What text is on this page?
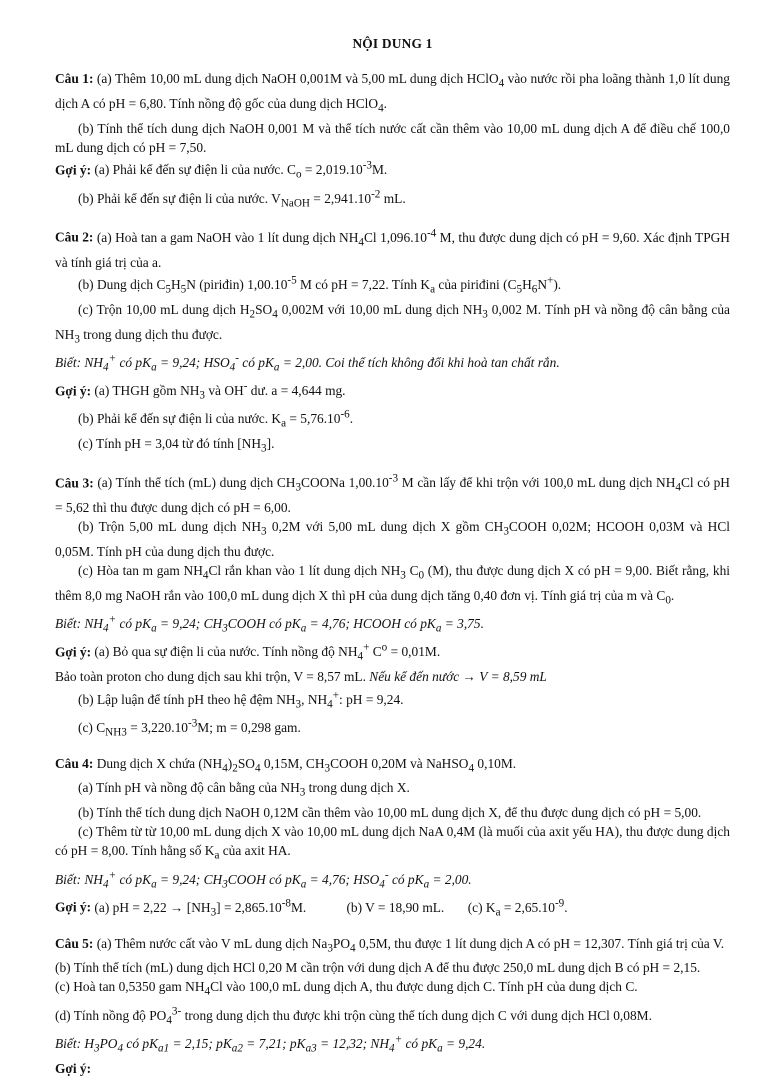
NỘI DUNG 1

Câu 1: (a) Thêm 10,00 mL dung dịch NaOH 0,001M và 5,00 mL dung dịch HClO$_4$ vào nước rồi pha loãng thành 1,0 lít dung dịch A có pH = 6,80. Tính nồng độ gốc của dung dịch HClO$_4$.

(b) Tính thể tích dung dịch NaOH 0,001 M và thể tích nước cất cần thêm vào 10,00 mL dung dịch A để điều chế 100,0 mL dung dịch có pH = 7,50.

Gợi ý: (a) Phải kể đến sự điện li của nước. $C_o = 2,019.10^{-3}M$.

(b) Phải kể đến sự điện li của nước. $V_{NaOH} = 2,941.10^{-2}$ mL.

Câu 2: (a) Hoà tan a gam NaOH vào 1 lít dung dịch $NH_4Cl$ $1,096.10^{-4}$ M, thu được dung dịch có pH = 9,60. Xác định TPGH và tính giá trị của a.

(b) Dung dịch $C_5H_5N$ (piriđin) $1,00.10^{-5}$ M có pH = 7,22. Tính $K_a$ của piriđini $(C_5H_6N^+)$.

(c) Trộn 10,00 mL dung dịch $H_2SO_4$ 0,002M với 10,00 mL dung dịch $NH_3$ 0,002 M. Tính pH và nồng độ cân bằng của $NH_3$ trong dung dịch thu được.

Biết: $NH_4^+$ có $pK_a = 9,24$; $HSO_4^-$ có $pK_a = 2,00$. Coi thể tích không đổi khi hoà tan chất rắn.

Gợi ý: (a) THGH gồm $NH_3$ và OH- dư. a = 4,644 mg.

(b) Phải kể đến sự điện li của nước. $K_a = 5,76.10^{-6}$.

(c) Tính pH = 3,04 từ đó tính $[NH_3]$.

Câu 3: (a) Tính thể tích (mL) dung dịch $CH_3COONa$ $1,00.10^{-3}$ M cần lấy để khi trộn với 100,0 mL dung dịch $NH_4Cl$ có pH = 5,62 thì thu được dung dịch có pH = 6,00.

(b) Trộn 5,00 mL dung dịch $NH_3$ 0,2M với 5,00 mL dung dịch X gồm $CH_3COOH$ 0,02M; HCOOH 0,03M và HCl 0,05M. Tính pH của dung dịch thu được.

(c) Hòa tan m gam $NH_4Cl$ rắn khan vào 1 lít dung dịch $NH_3$ $C_0$ (M), thu được dung dịch X có pH = 9,00. Biết rằng, khi thêm 8,0 mg NaOH rắn vào 100,0 mL dung dịch X thì pH của dung dịch tăng 0,40 đơn vị. Tính giá trị của m và $C_0$.

Biết: $NH_4^+$ có $pK_a = 9,24$; $CH_3COOH$ có $pK_a = 4,76$; HCOOH có $pK_a = 3,75$.

Gợi ý: (a) Bỏ qua sự điện li của nước. Tính nồng độ $NH_4^+$ $C^o = 0,01M$.

Bảo toàn proton cho dung dịch sau khi trộn, V = 8,57 mL. Nếu kể đến nước → V = 8,59 mL

(b) Lập luận để tính pH theo hệ đệm $NH_3$, $NH_4^+$: pH = 9,24.

(c) $C_{NH3} = 3,220.10^{-3}M$; m = 0,298 gam.

Câu 4: Dung dịch X chứa $(NH_4)_2SO_4$ 0,15M, $CH_3COOH$ 0,20M và NaHSO$_4$ 0,10M.

(a) Tính pH và nồng độ cân bằng của $NH_3$ trong dung dịch X.

(b) Tính thể tích dung dịch NaOH 0,12M cần thêm vào 10,00 mL dung dịch X, để thu được dung dịch có pH = 5,00.

(c) Thêm từ từ 10,00 mL dung dịch X vào 10,00 mL dung dịch NaA 0,4M (là muối của axit yếu HA), thu được dung dịch có pH = 8,00. Tính hằng số $K_a$ của axit HA.

Biết: $NH_4^+$ có $pK_a = 9,24$; $CH_3COOH$ có $pK_a = 4,76$; $HSO_4^-$ có $pK_a = 2,00$.

Gợi ý: (a) pH = $2,22 \to [NH_3] = 2,865.10^{-8}M$.            (b) V = 18,90 mL.       (c) $K_a = 2,65.10^{-9}$.

Câu 5: (a) Thêm nước cất vào V mL dung dịch $Na_3PO_4$ 0,5M, thu được 1 lít dung dịch A có pH = 12,307. Tính giá trị của V.

(b) Tính thể tích (mL) dung dịch HCl 0,20 M cần trộn với dung dịch A để thu được 250,0 mL dung dịch B có pH = 2,15.

(c) Hoà tan 0,5350 gam $NH_4Cl$ vào 100,0 mL dung dịch A, thu được dung dịch C. Tính pH của dung dịch C.

(d) Tính nồng độ $PO_4^{3-}$ trong dung dịch thu được khi trộn cùng thể tích dung dịch C với dung dịch HCl 0,08M.

Biết: $H_3PO_4$ có $pK_{a1} = 2,15$; $pK_{a2} = 7,21$; $pK_{a3} = 12,32$; $NH_4^+$ có $pK_a = 9,24$.

Gợi ý:
